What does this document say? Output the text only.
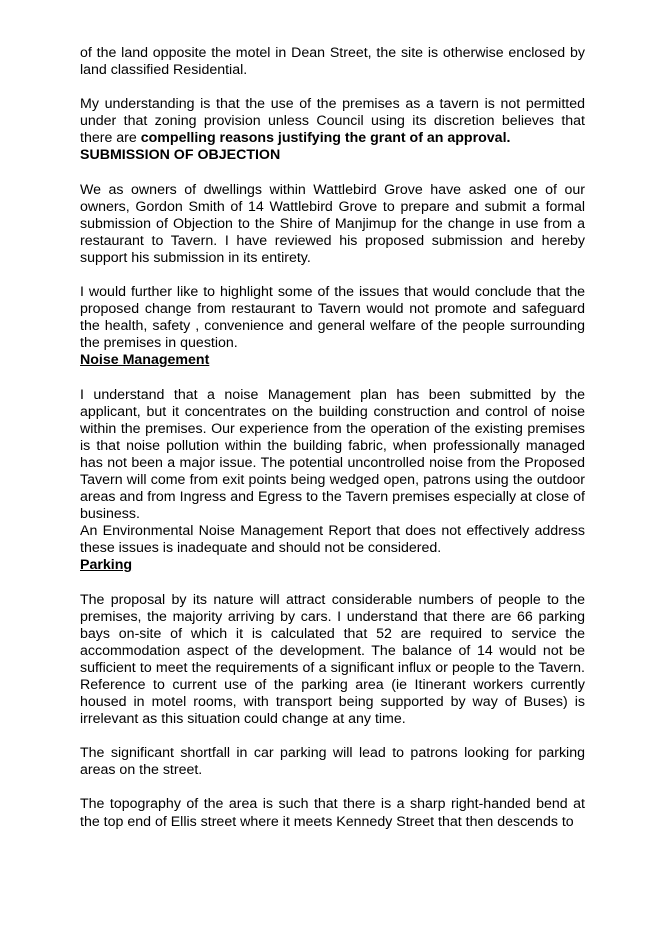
of the land opposite the motel in Dean Street, the site is otherwise enclosed by land classified Residential.

My understanding is that the use of the premises as a tavern is not permitted under that zoning provision unless Council using its discretion believes that there are compelling reasons justifying the grant of an approval.

SUBMISSION OF OBJECTION

We as owners of dwellings within Wattlebird Grove have asked one of our owners, Gordon Smith of 14 Wattlebird Grove to prepare and submit a formal submission of Objection to the Shire of Manjimup for the change in use from a restaurant to Tavern. I have reviewed his proposed submission and hereby support his submission in its entirety.

I would further like to highlight some of the issues that would conclude that the proposed change from restaurant to Tavern would not promote and safeguard the health, safety , convenience and general welfare of the people surrounding the premises in question.

Noise Management

I understand that a noise Management plan has been submitted by the applicant, but it concentrates on the building construction and control of noise within the premises. Our experience from the operation of the existing premises is that noise pollution within the building fabric, when professionally managed has not been a major issue. The potential uncontrolled noise from the Proposed Tavern will come from exit points being wedged open, patrons using the outdoor areas and from Ingress and Egress to the Tavern premises especially at close of business.

An Environmental Noise Management Report that does not effectively address these issues is inadequate and should not be considered.

Parking

The proposal by its nature will attract considerable numbers of people to the premises, the majority arriving by cars. I understand that there are 66 parking bays on-site of which it is calculated that 52 are required to service the accommodation aspect of the development. The balance of 14 would not be sufficient to meet the requirements of a significant influx or people to the Tavern. Reference to current use of the parking area (ie Itinerant workers currently housed in motel rooms, with transport being supported by way of Buses) is irrelevant as this situation could change at any time.

The significant shortfall in car parking will lead to patrons looking for parking areas on the street.

The topography of the area is such that there is a sharp right-handed bend at the top end of Ellis street where it meets Kennedy Street that then descends to
